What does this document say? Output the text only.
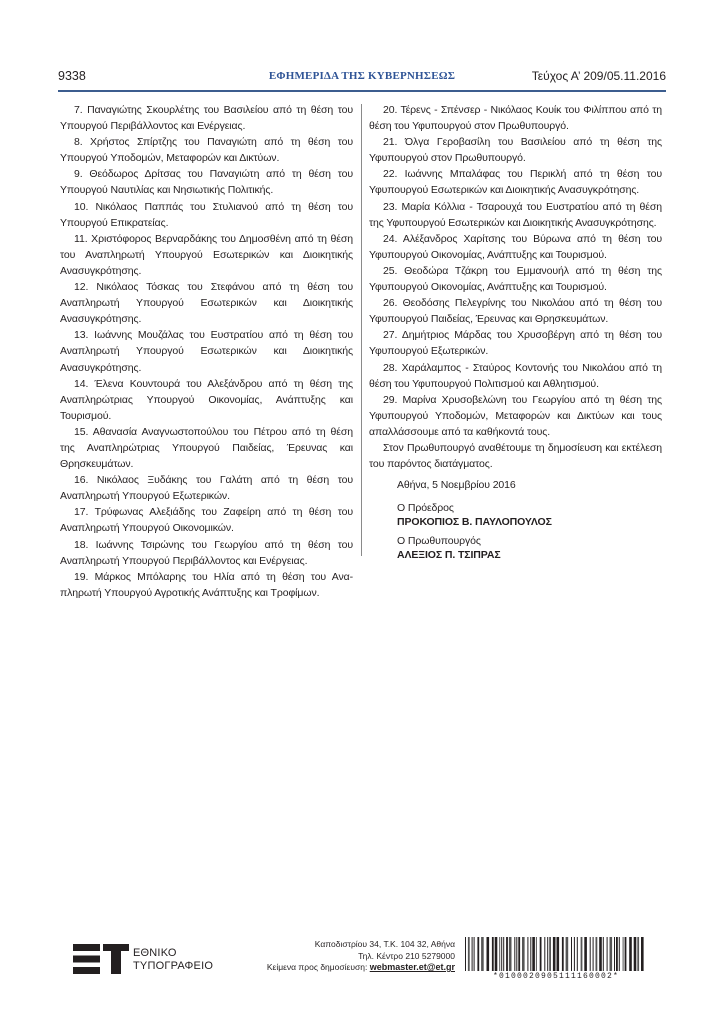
9338	ΕΦΗΜΕΡΙΔΑ ΤΗΣ ΚΥΒΕΡΝΗΣΕΩΣ	Τεύχος Α’ 209/05.11.2016

7. Παναγιώτης Σκουρλέτης του Βασιλείου από τη θέση του Υπουργού Περιβάλλοντος και Ενέργειας.

8. Χρήστος Σπίρτζης του Παναγιώτη από τη θέση του Υπουργού Υποδομών, Μεταφορών και Δικτύων.

9. Θεόδωρος Δρίτσας του Παναγιώτη από τη θέση του Υπουργού Ναυτιλίας και Νησιωτικής Πολιτικής.

10. Νικόλαος Παππάς του Στυλιανού από τη θέση του Υπουργού Επικρατείας.

11. Χριστόφορος Βερναρδάκης του Δημοσθένη από τη θέση του Αναπληρωτή Υπουργού Εσωτερικών και Διοικητικής Ανασυγκρότησης.

12. Νικόλαος Τόσκας του Στεφάνου από τη θέση του Αναπληρωτή Υπουργού Εσωτερικών και Διοικητικής Ανασυγκρότησης.

13. Ιωάννης Μουζάλας του Ευστρατίου από τη θέση του Αναπληρωτή Υπουργού Εσωτερικών και Διοικητικής Ανασυγκρότησης.

14. Έλενα Κουντουρά του Αλεξάνδρου από τη θέση της Αναπληρώτριας Υπουργού Οικονομίας, Ανάπτυξης και Τουρισμού.

15. Αθανασία Αναγνωστοπούλου του Πέτρου από τη θέση της Αναπληρώτριας Υπουργού Παιδείας, Έρευνας και Θρησκευμάτων.

16. Νικόλαος Ξυδάκης του Γαλάτη από τη θέση του Αναπληρωτή Υπουργού Εξωτερικών.

17. Τρύφωνας Αλεξιάδης του Ζαφείρη από τη θέση του Αναπληρωτή Υπουργού Οικονομικών.

18. Ιωάννης Τσιρώνης του Γεωργίου από τη θέση του Αναπληρωτή Υπουργού Περιβάλλοντος και Ενέργειας.

19. Μάρκος Μπόλαρης του Ηλία από τη θέση του Ανα-πληρωτή Υπουργού Αγροτικής Ανάπτυξης και Τροφίμων.

20. Τέρενς - Σπένσερ - Νικόλαος Κουίκ του Φιλίππου από τη θέση του Υφυπουργού στον Πρωθυπουργό.

21. Όλγα Γεροβασίλη του Βασιλείου από τη θέση της Υφυπουργού στον Πρωθυπουργό.

22. Ιωάννης Μπαλάφας του Περικλή από τη θέση του Υφυπουργού Εσωτερικών και Διοικητικής Ανασυγκρότησης.

23. Μαρία Κόλλια - Τσαρουχά του Ευστρατίου από τη θέση της Υφυπουργού Εσωτερικών και Διοικητικής Ανασυγκρότησης.

24. Αλέξανδρος Χαρίτσης του Βύρωνα από τη θέση του Υφυπουργού Οικονομίας, Ανάπτυξης και Τουρισμού.

25. Θεοδώρα Τζάκρη του Εμμανουήλ από τη θέση της Υφυπουργού Οικονομίας, Ανάπτυξης και Τουρισμού.

26. Θεοδόσης Πελεγρίνης του Νικολάου από τη θέση του Υφυπουργού Παιδείας, Έρευνας και Θρησκευμάτων.

27. Δημήτριος Μάρδας του Χρυσοβέργη από τη θέση του Υφυπουργού Εξωτερικών.

28. Χαράλαμπος - Σταύρος Κοντονής του Νικολάου από τη θέση του Υφυπουργού Πολιτισμού και Αθλητισμού.

29. Μαρίνα Χρυσοβελώνη του Γεωργίου από τη θέση της Υφυπουργού Υποδομών, Μεταφορών και Δικτύων και τους απαλλάσσουμε από τα καθήκοντά τους.

Στον Πρωθυπουργό αναθέτουμε τη δημοσίευση και εκτέλεση του παρόντος διατάγματος.

Αθήνα, 5 Νοεμβρίου 2016

Ο Πρόεδρος

ΠΡΟΚΟΠΙΟΣ Β. ΠΑΥΛΟΠΟΥΛΟΣ

Ο Πρωθυπουργός

ΑΛΕΞΙΟΣ Π. ΤΣΙΠΡΑΣ

ΕΘΝΙΚΟ
ΤΥΠΟΓΡΑΦΕΙΟ
Καποδιστρίου 34, Τ.Κ. 104 32, Αθήνα
Τηλ. Κέντρο 210 5279000
Κείμενα προς δημοσίευση: webmaster.et@et.gr
*0100020905111160002*
